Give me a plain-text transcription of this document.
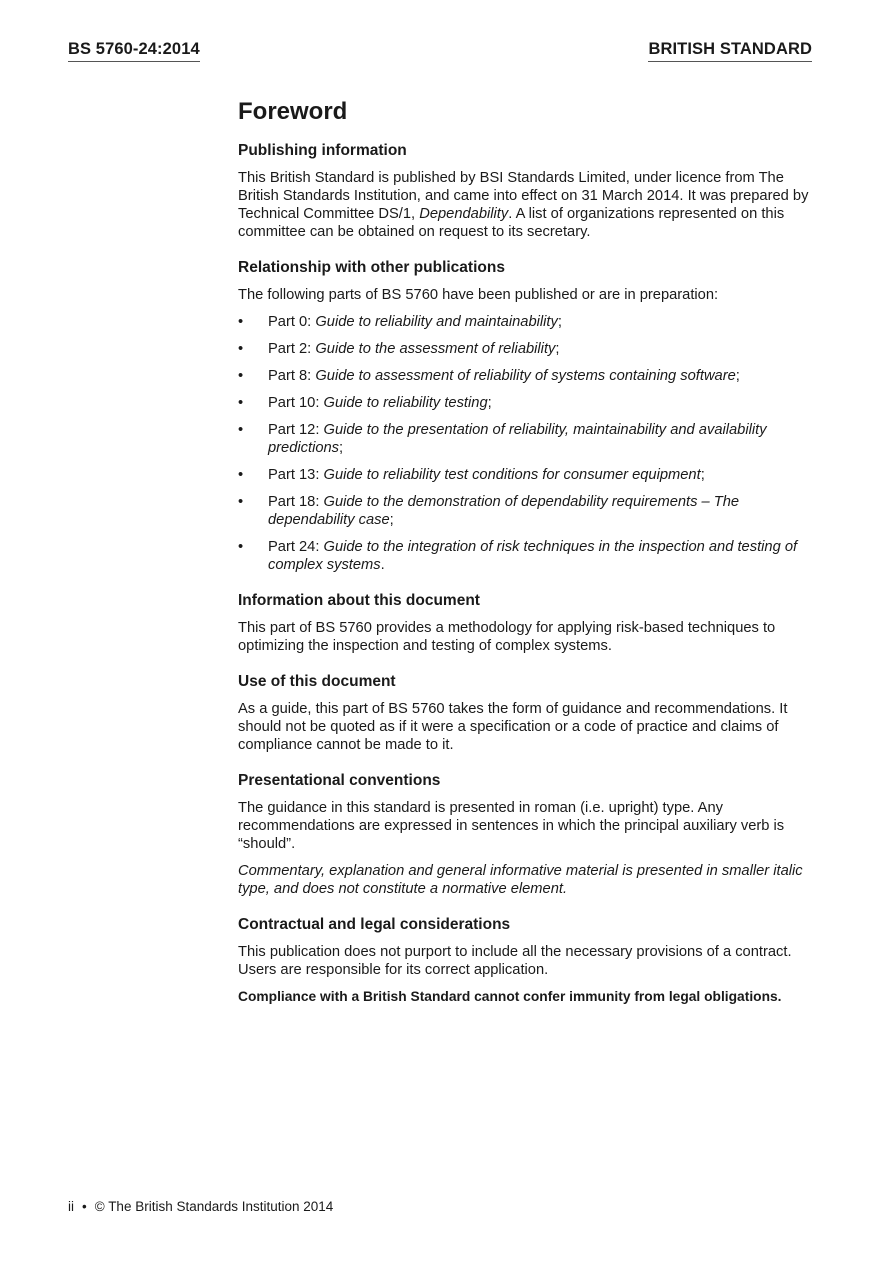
BS 5760-24:2014	BRITISH STANDARD
Foreword
Publishing information

This British Standard is published by BSI Standards Limited, under licence from The British Standards Institution, and came into effect on 31 March 2014. It was prepared by Technical Committee DS/1, Dependability. A list of organizations represented on this committee can be obtained on request to its secretary.

Relationship with other publications

The following parts of BS 5760 have been published or are in preparation:

• Part 0: Guide to reliability and maintainability;
• Part 2: Guide to the assessment of reliability;
• Part 8: Guide to assessment of reliability of systems containing software;
• Part 10: Guide to reliability testing;
• Part 12: Guide to the presentation of reliability, maintainability and availability predictions;
• Part 13: Guide to reliability test conditions for consumer equipment;
• Part 18: Guide to the demonstration of dependability requirements – The dependability case;
• Part 24: Guide to the integration of risk techniques in the inspection and testing of complex systems.
Information about this document

This part of BS 5760 provides a methodology for applying risk-based techniques to optimizing the inspection and testing of complex systems.

Use of this document

As a guide, this part of BS 5760 takes the form of guidance and recommendations. It should not be quoted as if it were a specification or a code of practice and claims of compliance cannot be made to it.

Presentational conventions

The guidance in this standard is presented in roman (i.e. upright) type. Any recommendations are expressed in sentences in which the principal auxiliary verb is “should”.

Commentary, explanation and general informative material is presented in smaller italic type, and does not constitute a normative element.

Contractual and legal considerations

This publication does not purport to include all the necessary provisions of a contract. Users are responsible for its correct application.

Compliance with a British Standard cannot confer immunity from legal obligations.

ii • © The British Standards Institution 2014
